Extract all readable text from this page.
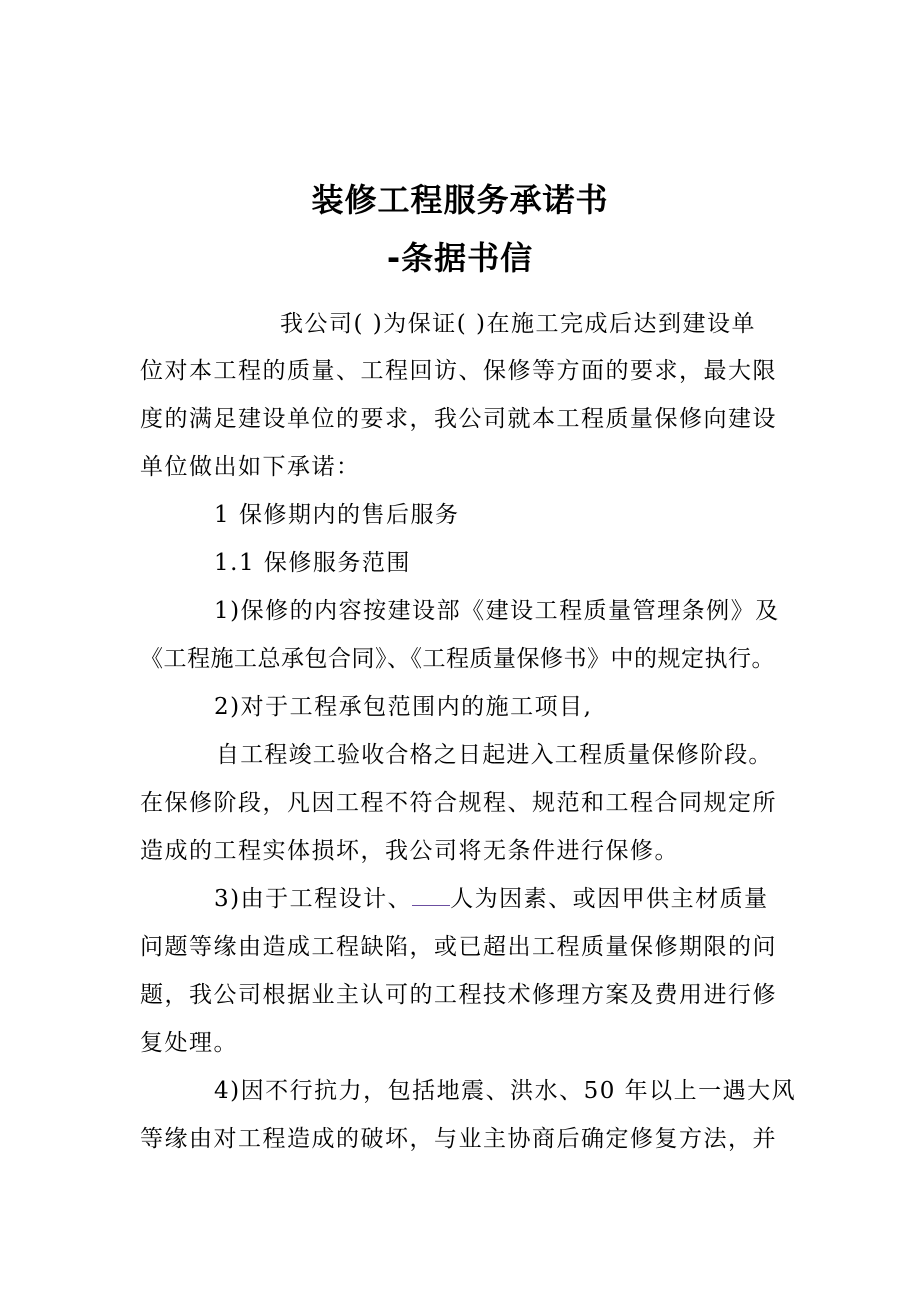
装修工程服务承诺书
-条据书信
我公司( )为保证( )在施工完成后达到建设单
位对本工程的质量、工程回访、保修等方面的要求，最大限
度的满足建设单位的要求，我公司就本工程质量保修向建设
单位做出如下承诺：
1 保修期内的售后服务
1.1 保修服务范围
1)保修的内容按建设部《建设工程质量管理条例》及
《工程施工总承包合同》、《工程质量保修书》中的规定执行。
2)对于工程承包范围内的施工项目,
自工程竣工验收合格之日起进入工程质量保修阶段。
在保修阶段，凡因工程不符合规程、规范和工程合同规定所
造成的工程实体损坏，我公司将无条件进行保修。
3)由于工程设计、 人为因素、或因甲供主材质量
问题等缘由造成工程缺陷，或已超出工程质量保修期限的问
题，我公司根据业主认可的工程技术修理方案及费用进行修
复处理。
4)因不行抗力，包括地震、洪水、50 年以上一遇大风
等缘由对工程造成的破坏，与业主协商后确定修复方法，并
